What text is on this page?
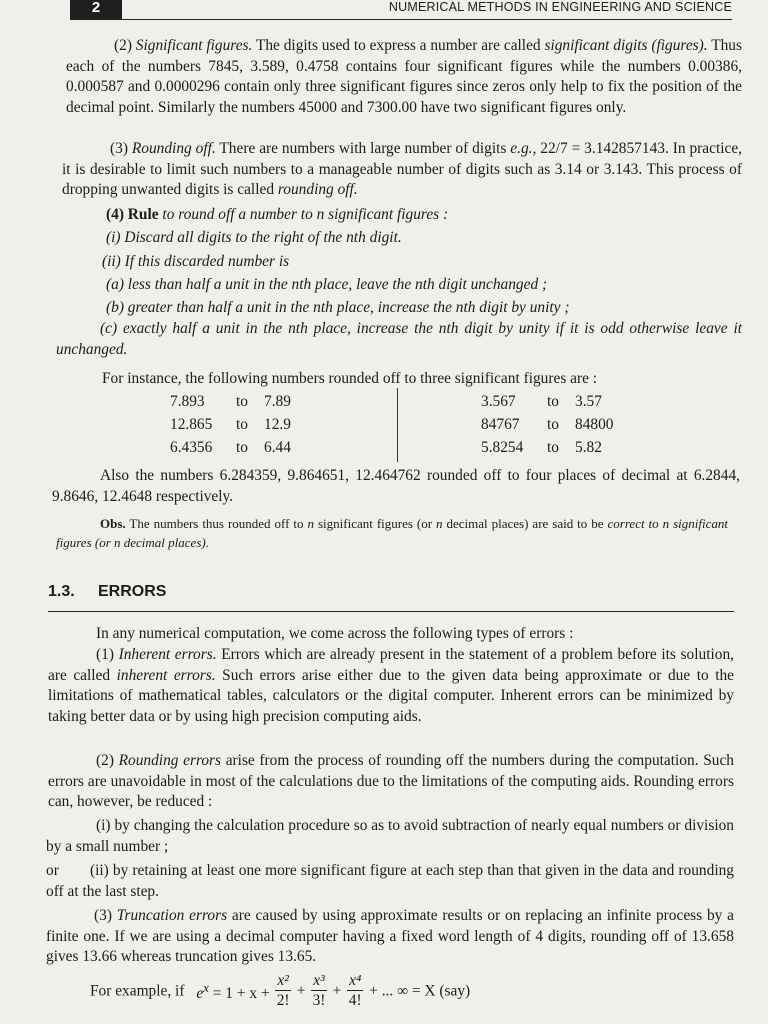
2	NUMERICAL METHODS IN ENGINEERING AND SCIENCE

(2) Significant figures. The digits used to express a number are called significant digits (figures). Thus each of the numbers 7845, 3.589, 0.4758 contains four significant figures while the numbers 0.00386, 0.000587 and 0.0000296 contain only three significant figures since zeros only help to fix the position of the decimal point. Similarly the numbers 45000 and 7300.00 have two significant figures only.

(3) Rounding off. There are numbers with large number of digits e.g., 22/7 = 3.142857143. In practice, it is desirable to limit such numbers to a manageable number of digits such as 3.14 or 3.143. This process of dropping unwanted digits is called rounding off.

(4) Rule to round off a number to n significant figures :

(i) Discard all digits to the right of the nth digit.

(ii) If this discarded number is

(a) less than half a unit in the nth place, leave the nth digit unchanged ;

(b) greater than half a unit in the nth place, increase the nth digit by unity ;

(c) exactly half a unit in the nth place, increase the nth digit by unity if it is odd otherwise leave it unchanged.

For instance, the following numbers rounded off to three significant figures are :

7.893 to 7.89
12.865 to 12.9
6.4356 to 6.44
3.567 to 3.57
84767 to 84800
5.8254 to 5.82

Also the numbers 6.284359, 9.864651, 12.464762 rounded off to four places of decimal at 6.2844, 9.8646, 12.4648 respectively.

Obs. The numbers thus rounded off to n significant figures (or n decimal places) are said to be correct to n significant figures (or n decimal places).

1.3. ERRORS

In any numerical computation, we come across the following types of errors :

(1) Inherent errors. Errors which are already present in the statement of a problem before its solution, are called inherent errors. Such errors arise either due to the given data being approximate or due to the limitations of mathematical tables, calculators or the digital computer. Inherent errors can be minimized by taking better data or by using high precision computing aids.

(2) Rounding errors arise from the process of rounding off the numbers during the computation. Such errors are unavoidable in most of the calculations due to the limitations of the computing aids. Rounding errors can, however, be reduced :

(i) by changing the calculation procedure so as to avoid subtraction of nearly equal numbers or division by a small number ;

or (ii) by retaining at least one more significant figure at each step than that given in the data and rounding off at the last step.

(3) Truncation errors are caused by using approximate results or on replacing an infinite process by a finite one. If we are using a decimal computer having a fixed word length of 4 digits, rounding off of 13.658 gives 13.66 whereas truncation gives 13.65.

For example, if $e^x = 1 + x + \frac{\text{x²}}{2!} + \frac{\text{x³}}{3!} + \frac{\text{x⁴}}{4!}$ + ... ∞ = X (say)
